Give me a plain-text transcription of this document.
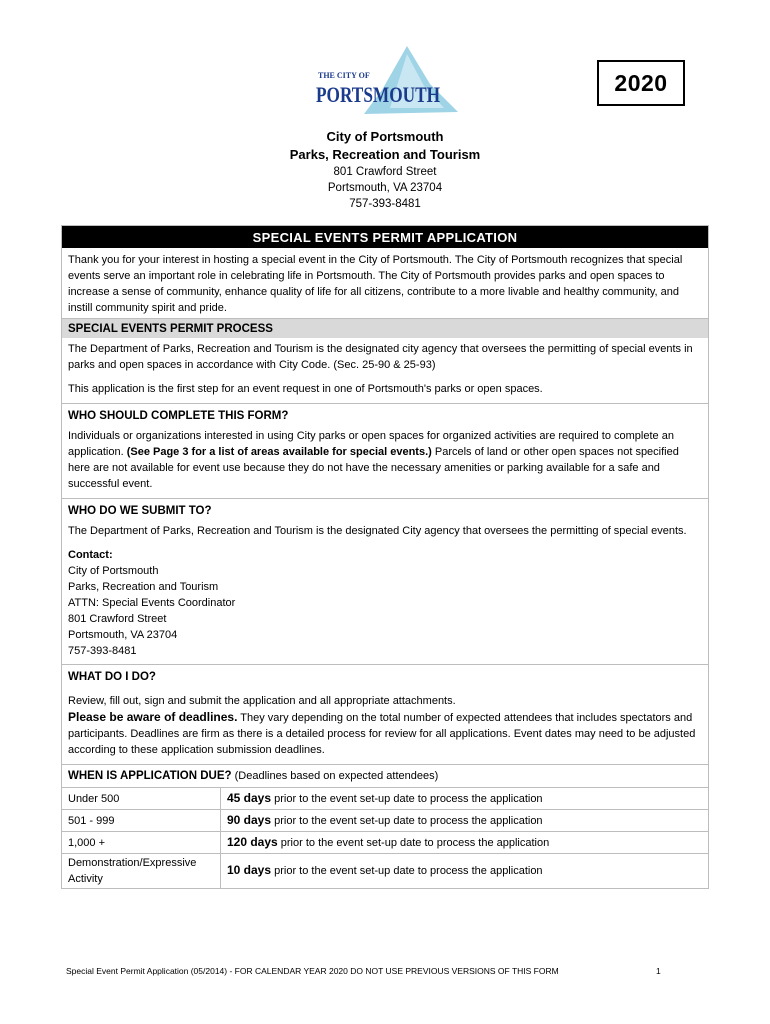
THE CITY OF
PORTSMOUTH	2020
City of Portsmouth
Parks, Recreation and Tourism
801 Crawford Street
Portsmouth, VA 23704
757-393-8481
SPECIAL EVENTS PERMIT APPLICATION

Thank you for your interest in hosting a special event in the City of Portsmouth. The City of Portsmouth recognizes that special events serve an important role in celebrating life in Portsmouth. The City of Portsmouth provides parks and open spaces to increase a sense of community, enhance quality of life for all citizens, contribute to a more livable and healthy community, and instill community spirit and pride.

SPECIAL EVENTS PERMIT PROCESS

The Department of Parks, Recreation and Tourism is the designated city agency that oversees the permitting of special events in parks and open spaces in accordance with City Code. (Sec. 25-90 & 25-93)

This application is the first step for an event request in one of Portsmouth's parks or open spaces.

WHO SHOULD COMPLETE THIS FORM?

Individuals or organizations interested in using City parks or open spaces for organized activities are required to complete an application. (See Page 3 for a list of areas available for special events.) Parcels of land or other open spaces not specified here are not available for event use because they do not have the necessary amenities or parking available for a safe and successful event.

WHO DO WE SUBMIT TO?

The Department of Parks, Recreation and Tourism is the designated City agency that oversees the permitting of special events.

Contact:

City of Portsmouth

Parks, Recreation and Tourism

ATTN: Special Events Coordinator

801 Crawford Street

Portsmouth, VA 23704

757-393-8481

WHAT DO I DO?

Review, fill out, sign and submit the application and all appropriate attachments.

Please be aware of deadlines. They vary depending on the total number of expected attendees that includes spectators and participants. Deadlines are firm as there is a detailed process for review for all applications. Event dates may need to be adjusted according to these application submission deadlines.

WHEN IS APPLICATION DUE? (Deadlines based on expected attendees)
Under 500	45 days prior to the event set-up date to process the application
501 - 999	90 days prior to the event set-up date to process the application
1,000 +	120 days prior to the event set-up date to process the application
Demonstration/Expressive Activity	10 days prior to the event set-up date to process the application
Special Event Permit Application (05/2014) - FOR CALENDAR YEAR 2020 DO NOT USE PREVIOUS VERSIONS OF THIS FORM	1
